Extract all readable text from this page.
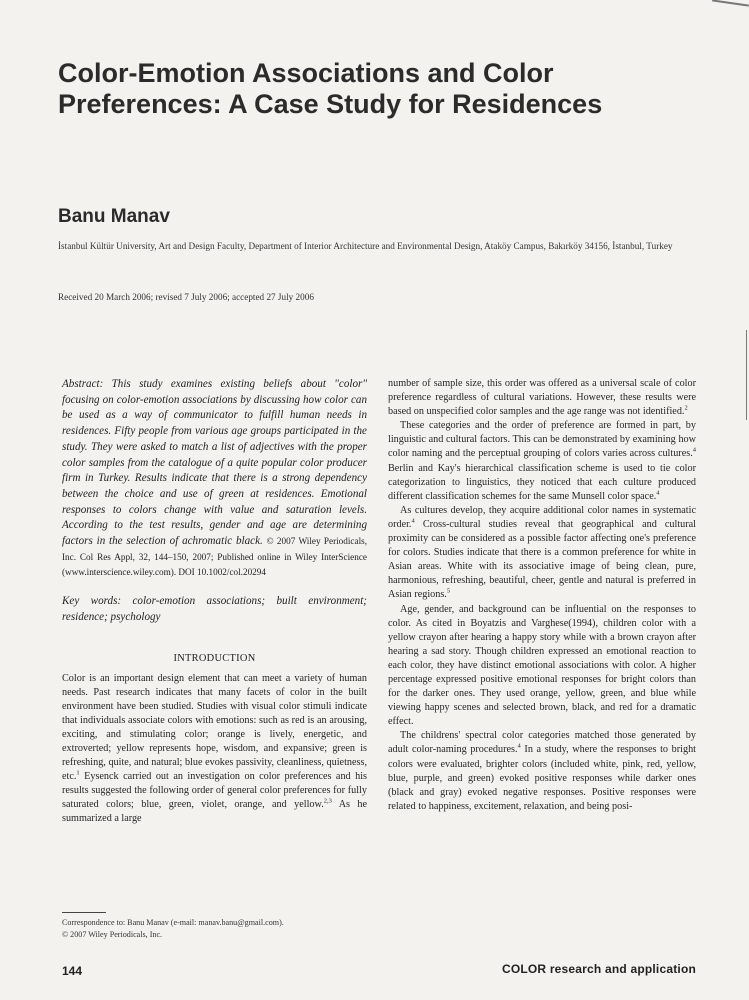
Color-Emotion Associations and Color Preferences: A Case Study for Residences
Banu Manav

İstanbul Kültür University, Art and Design Faculty, Department of Interior Architecture and Environmental Design, Ataköy Campus, Bakırköy 34156, İstanbul, Turkey

Received 20 March 2006; revised 7 July 2006; accepted 27 July 2006

Abstract: This study examines existing beliefs about "color" focusing on color-emotion associations by discussing how color can be used as a way of communicator to fulfill human needs in residences. Fifty people from various age groups participated in the study. They were asked to match a list of adjectives with the proper color samples from the catalogue of a quite popular color producer firm in Turkey. Results indicate that there is a strong dependency between the choice and use of green at residences. Emotional responses to colors change with value and saturation levels. According to the test results, gender and age are determining factors in the selection of achromatic black. © 2007 Wiley Periodicals, Inc. Col Res Appl, 32, 144–150, 2007; Published online in Wiley InterScience (www.interscience.wiley.com). DOI 10.1002/col.20294

Key words: color-emotion associations; built environment; residence; psychology

INTRODUCTION

Color is an important design element that can meet a variety of human needs. Past research indicates that many facets of color in the built environment have been studied. Studies with visual color stimuli indicate that individuals associate colors with emotions: such as red is an arousing, exciting, and stimulating color; orange is lively, energetic, and extroverted; yellow represents hope, wisdom, and expansive; green is refreshing, quite, and natural; blue evokes passivity, cleanliness, quietness, etc.$^1$ Eysenck carried out an investigation on color preferences and his results suggested the following order of general color preferences for fully saturated colors; blue, green, violet, orange, and yellow.$^{2,3}$ As he summarized a large

number of sample size, this order was offered as a universal scale of color preference regardless of cultural variations. However, these results were based on unspecified color samples and the age range was not identified.$^2$

These categories and the order of preference are formed in part, by linguistic and cultural factors. This can be demonstrated by examining how color naming and the perceptual grouping of colors varies across cultures.$^4$ Berlin and Kay's hierarchical classification scheme is used to tie color categorization to linguistics, they noticed that each culture produced different classification schemes for the same Munsell color space.$^4$

As cultures develop, they acquire additional color names in systematic order.$^4$ Cross-cultural studies reveal that geographical and cultural proximity can be considered as a possible factor affecting one's preference for colors. Studies indicate that there is a common preference for white in Asian areas. White with its associative image of being clean, pure, harmonious, refreshing, beautiful, cheer, gentle and natural is preferred in Asian regions.$^5$

Age, gender, and background can be influential on the responses to color. As cited in Boyatzis and Varghese(1994), children color with a yellow crayon after hearing a happy story while with a brown crayon after hearing a sad story. Though children expressed an emotional reaction to each color, they have distinct emotional associations with color. A higher percentage expressed positive emotional responses for bright colors than for the darker ones. They used orange, yellow, green, and blue while viewing happy scenes and selected brown, black, and red for a dramatic effect.

The childrens' spectral color categories matched those generated by adult color-naming procedures.$^4$ In a study, where the responses to bright colors were evaluated, brighter colors (included white, pink, red, yellow, blue, purple, and green) evoked positive responses while darker ones (black and gray) evoked negative responses. Positive responses were related to happiness, excitement, relaxation, and being posi-

Correspondence to: Banu Manav (e-mail: manav.banu@gmail.com).
© 2007 Wiley Periodicals, Inc.

144	COLOR research and application
